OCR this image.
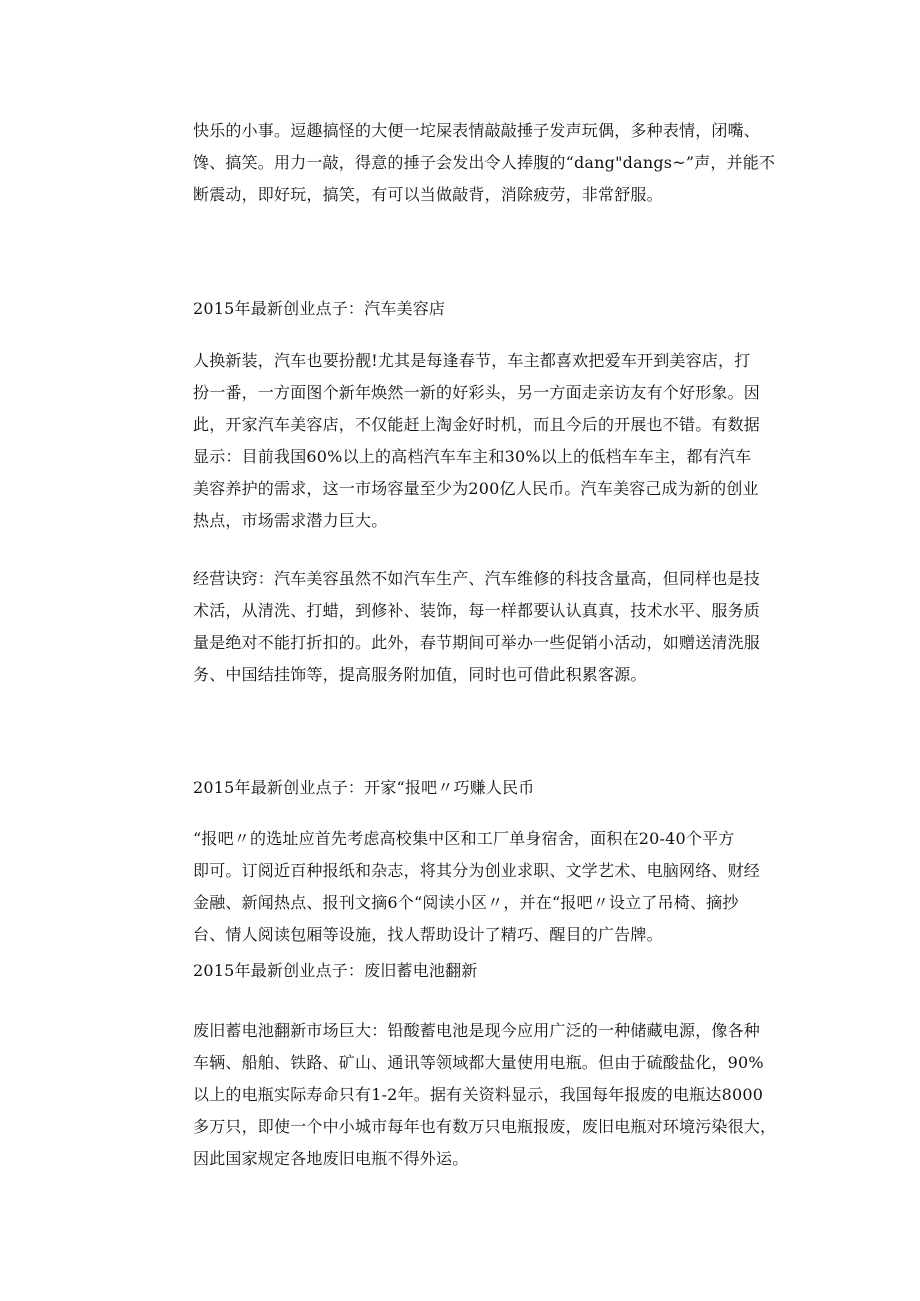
快乐的小事。逗趣搞怪的大便一坨屎表情敲敲捶子发声玩偶，多种表情，闭嘴、
馋、搞笑。用力一敲，得意的捶子会发出令人捧腹的“dang"dangs~”声，并能不
断震动，即好玩，搞笑，有可以当做敲背，消除疲劳，非常舒服。

2015年最新创业点子：汽车美容店

人换新装，汽车也要扮靓!尤其是每逢春节，车主都喜欢把爱车开到美容店，打
扮一番，一方面图个新年焕然一新的好彩头，另一方面走亲访友有个好形象。因
此，开家汽车美容店，不仅能赶上淘金好时机，而且今后的开展也不错。有数据
显示：目前我国60%以上的高档汽车车主和30%以上的低档车车主，都有汽车
美容养护的需求，这一市场容量至少为200亿人民币。汽车美容己成为新的创业
热点，市场需求潜力巨大。

经营诀窍：汽车美容虽然不如汽车生产、汽车维修的科技含量高，但同样也是技
术活，从清洗、打蜡，到修补、装饰，每一样都要认认真真，技术水平、服务质
量是绝对不能打折扣的。此外，春节期间可举办一些促销小活动，如赠送清洗服
务、中国结挂饰等，提高服务附加值，同时也可借此积累客源。

2015年最新创业点子：开家“报吧〃巧赚人民币

“报吧〃的选址应首先考虑高校集中区和工厂单身宿舍，面积在20-40个平方
即可。订阅近百种报纸和杂志，将其分为创业求职、文学艺术、电脑网络、财经
金融、新闻热点、报刊文摘6个“阅读小区〃，并在“报吧〃设立了吊椅、摘抄
台、情人阅读包厢等设施，找人帮助设计了精巧、醒目的广告牌。

2015年最新创业点子：废旧蓄电池翻新

废旧蓄电池翻新市场巨大：铅酸蓄电池是现今应用广泛的一种储藏电源，像各种
车辆、船舶、铁路、矿山、通讯等领域都大量使用电瓶。但由于硫酸盐化，90%
以上的电瓶实际寿命只有1-2年。据有关资料显示，我国每年报废的电瓶达8000
多万只，即使一个中小城市每年也有数万只电瓶报废，废旧电瓶对环境污染很大，
因此国家规定各地废旧电瓶不得外运。
